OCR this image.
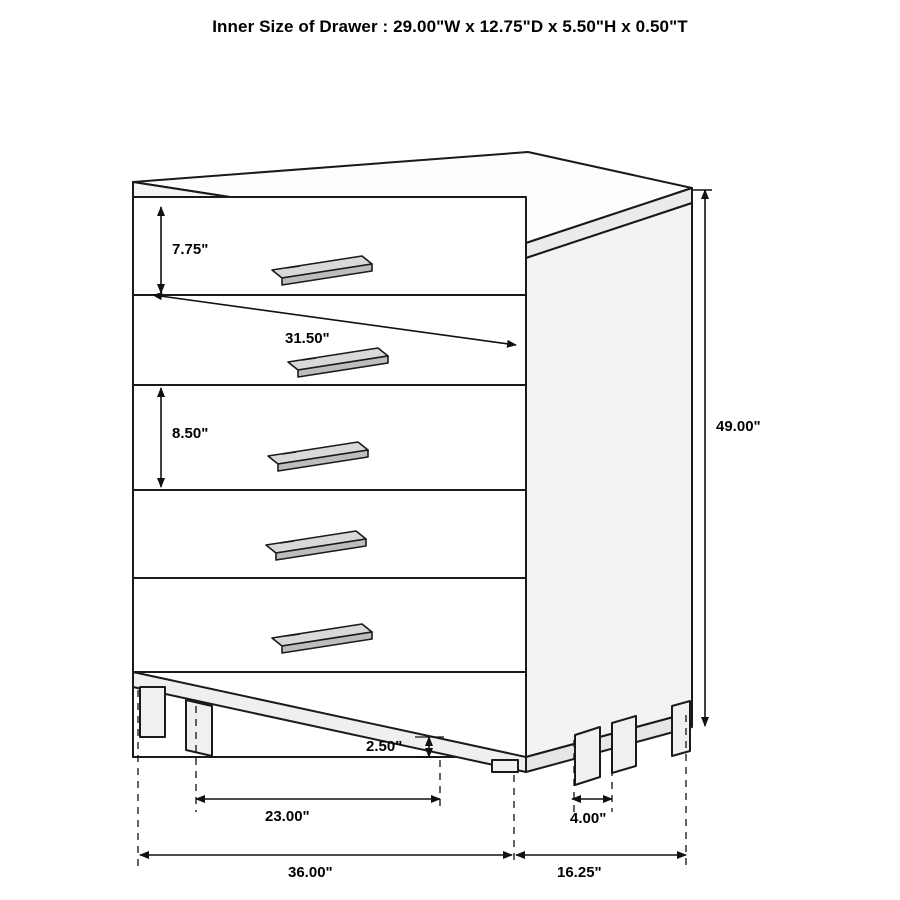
Inner Size of Drawer : 29.00"W x 12.75"D x 5.50"H x 0.50"T
7.75"
31.50"
8.50"	49.00"
2.50"
23.00"	4.00"
36.00"	16.25"
